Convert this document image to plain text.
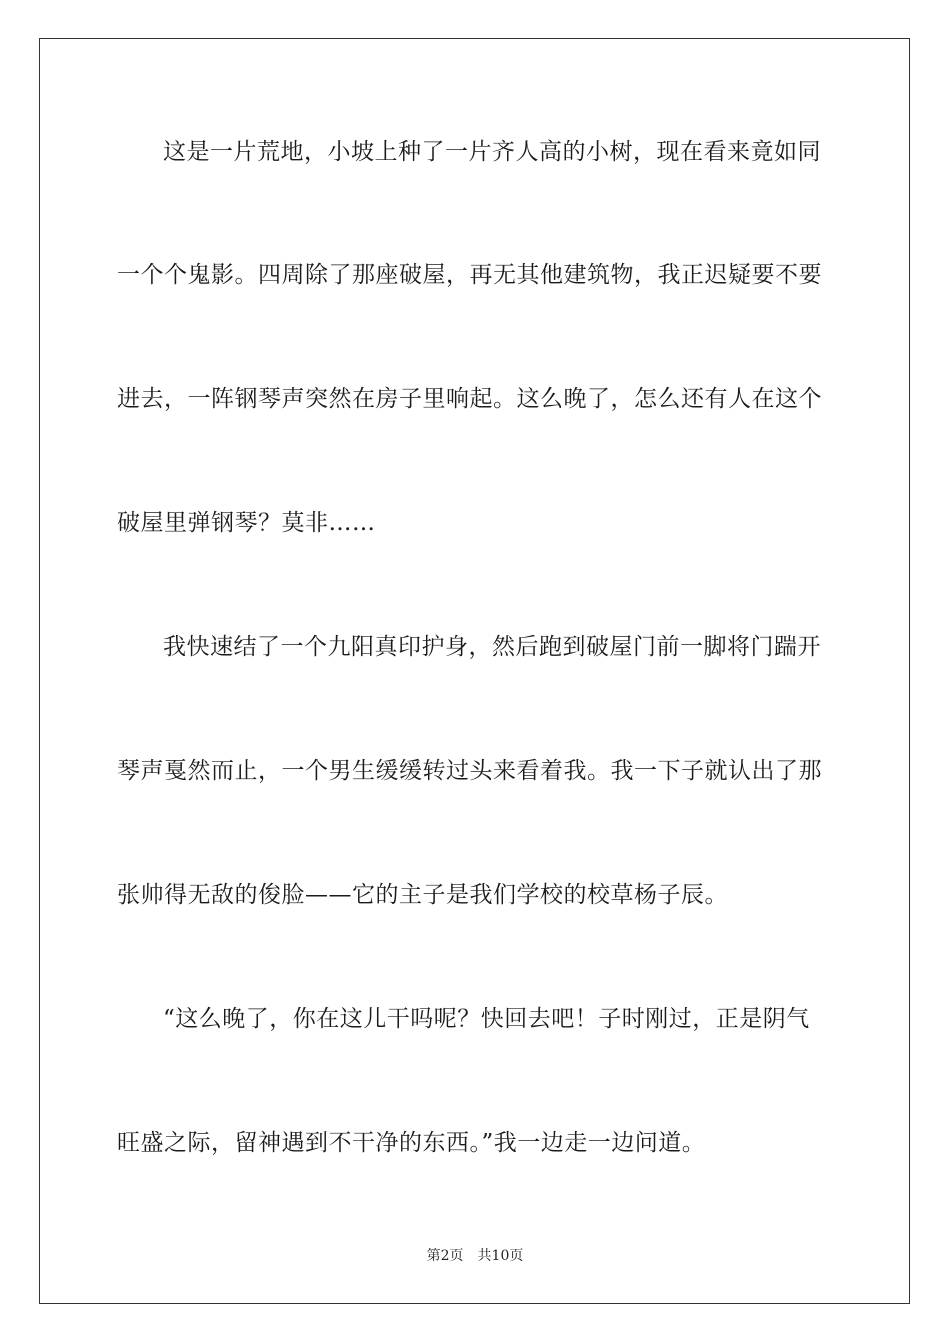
这是一片荒地，小坡上种了一片齐人高的小树，现在看来竟如同
一个个鬼影。四周除了那座破屋，再无其他建筑物，我正迟疑要不要
进去，一阵钢琴声突然在房子里响起。这么晚了，怎么还有人在这个
破屋里弹钢琴？莫非……
我快速结了一个九阳真印护身，然后跑到破屋门前一脚将门踹开
琴声戛然而止，一个男生缓缓转过头来看着我。我一下子就认出了那
张帅得无敌的俊脸——它的主子是我们学校的校草杨子辰。
“这么晚了，你在这儿干吗呢？快回去吧！子时刚过，正是阴气
旺盛之际，留神遇到不干净的东西。”我一边走一边问道。
第2页 共10页
